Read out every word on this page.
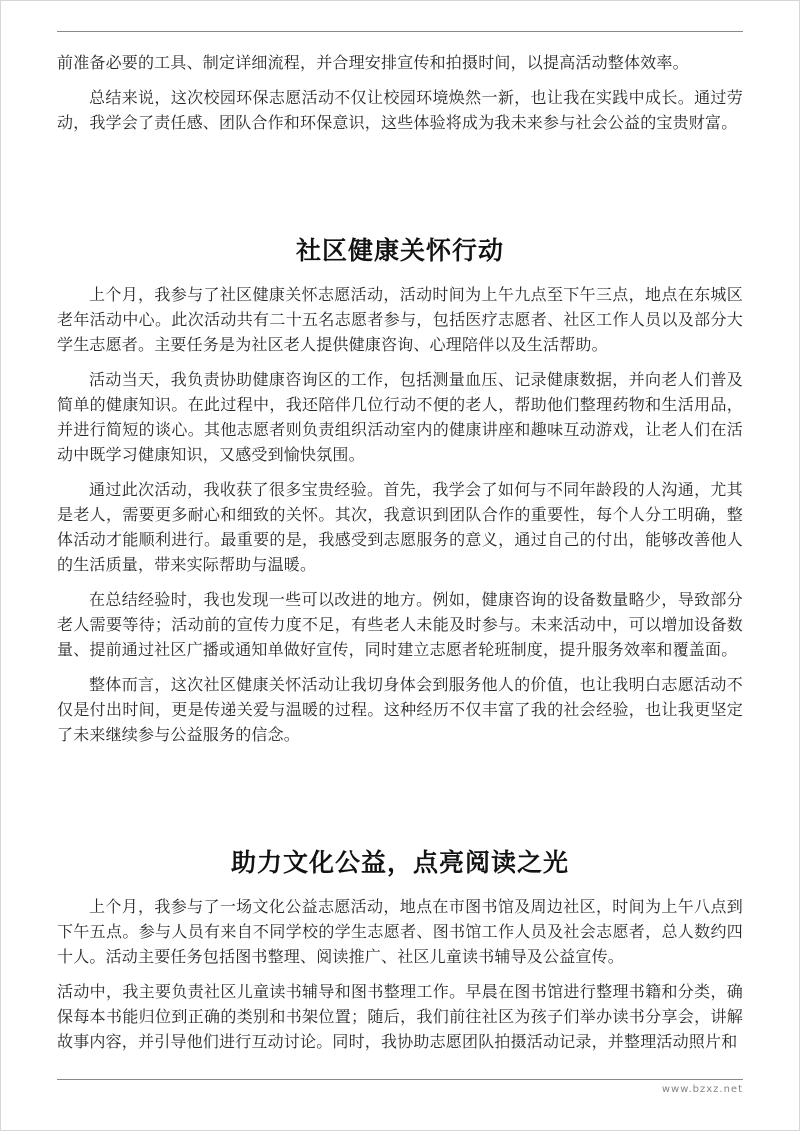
前准备必要的工具、制定详细流程，并合理安排宣传和拍摄时间，以提高活动整体效率。

总结来说，这次校园环保志愿活动不仅让校园环境焕然一新，也让我在实践中成长。通过劳动，我学会了责任感、团队合作和环保意识，这些体验将成为我未来参与社会公益的宝贵财富。

社区健康关怀行动

上个月，我参与了社区健康关怀志愿活动，活动时间为上午九点至下午三点，地点在东城区老年活动中心。此次活动共有二十五名志愿者参与，包括医疗志愿者、社区工作人员以及部分大学生志愿者。主要任务是为社区老人提供健康咨询、心理陪伴以及生活帮助。

活动当天，我负责协助健康咨询区的工作，包括测量血压、记录健康数据，并向老人们普及简单的健康知识。在此过程中，我还陪伴几位行动不便的老人，帮助他们整理药物和生活用品，并进行简短的谈心。其他志愿者则负责组织活动室内的健康讲座和趣味互动游戏，让老人们在活动中既学习健康知识，又感受到愉快氛围。

通过此次活动，我收获了很多宝贵经验。首先，我学会了如何与不同年龄段的人沟通，尤其是老人，需要更多耐心和细致的关怀。其次，我意识到团队合作的重要性，每个人分工明确，整体活动才能顺利进行。最重要的是，我感受到志愿服务的意义，通过自己的付出，能够改善他人的生活质量，带来实际帮助与温暖。

在总结经验时，我也发现一些可以改进的地方。例如，健康咨询的设备数量略少，导致部分老人需要等待；活动前的宣传力度不足，有些老人未能及时参与。未来活动中，可以增加设备数量、提前通过社区广播或通知单做好宣传，同时建立志愿者轮班制度，提升服务效率和覆盖面。

整体而言，这次社区健康关怀活动让我切身体会到服务他人的价值，也让我明白志愿活动不仅是付出时间，更是传递关爱与温暖的过程。这种经历不仅丰富了我的社会经验，也让我更坚定了未来继续参与公益服务的信念。

助力文化公益，点亮阅读之光

上个月，我参与了一场文化公益志愿活动，地点在市图书馆及周边社区，时间为上午八点到下午五点。参与人员有来自不同学校的学生志愿者、图书馆工作人员及社会志愿者，总人数约四十人。活动主要任务包括图书整理、阅读推广、社区儿童读书辅导及公益宣传。

活动中，我主要负责社区儿童读书辅导和图书整理工作。早晨在图书馆进行整理书籍和分类，确保每本书能归位到正确的类别和书架位置；随后，我们前往社区为孩子们举办读书分享会，讲解故事内容，并引导他们进行互动讨论。同时，我协助志愿团队拍摄活动记录，并整理活动照片和

www.bzxz.net
